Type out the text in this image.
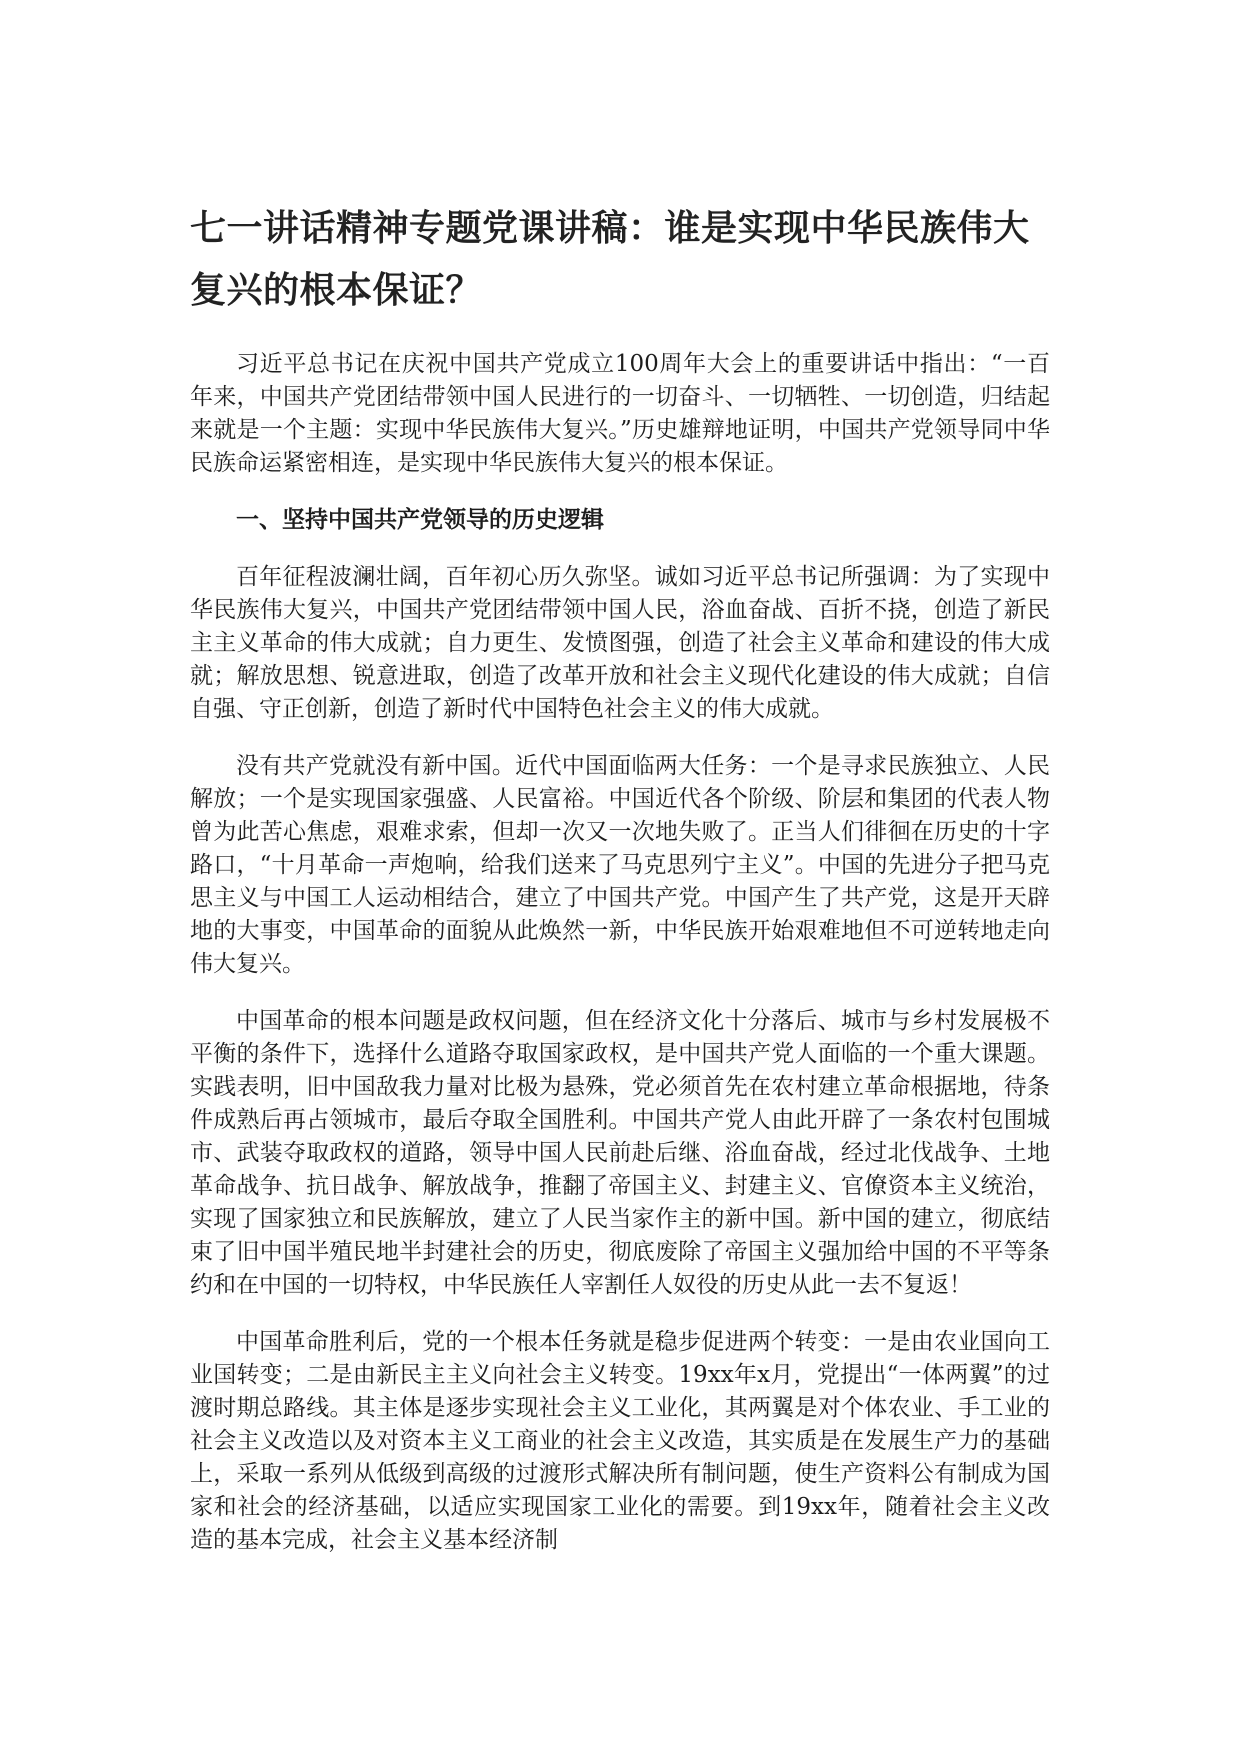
七一讲话精神专题党课讲稿：谁是实现中华民族伟大复兴的根本保证？

习近平总书记在庆祝中国共产党成立100周年大会上的重要讲话中指出：“一百年来，中国共产党团结带领中国人民进行的一切奋斗、一切牺牲、一切创造，归结起来就是一个主题：实现中华民族伟大复兴。”历史雄辩地证明，中国共产党领导同中华民族命运紧密相连，是实现中华民族伟大复兴的根本保证。

一、坚持中国共产党领导的历史逻辑

百年征程波澜壮阔，百年初心历久弥坚。诚如习近平总书记所强调：为了实现中华民族伟大复兴，中国共产党团结带领中国人民，浴血奋战、百折不挠，创造了新民主主义革命的伟大成就；自力更生、发愤图强，创造了社会主义革命和建设的伟大成就；解放思想、锐意进取，创造了改革开放和社会主义现代化建设的伟大成就；自信自强、守正创新，创造了新时代中国特色社会主义的伟大成就。

没有共产党就没有新中国。近代中国面临两大任务：一个是寻求民族独立、人民解放；一个是实现国家强盛、人民富裕。中国近代各个阶级、阶层和集团的代表人物曾为此苦心焦虑，艰难求索，但却一次又一次地失败了。正当人们徘徊在历史的十字路口，“十月革命一声炮响，给我们送来了马克思列宁主义”。中国的先进分子把马克思主义与中国工人运动相结合，建立了中国共产党。中国产生了共产党，这是开天辟地的大事变，中国革命的面貌从此焕然一新，中华民族开始艰难地但不可逆转地走向伟大复兴。

中国革命的根本问题是政权问题，但在经济文化十分落后、城市与乡村发展极不平衡的条件下，选择什么道路夺取国家政权，是中国共产党人面临的一个重大课题。实践表明，旧中国敌我力量对比极为悬殊，党必须首先在农村建立革命根据地，待条件成熟后再占领城市，最后夺取全国胜利。中国共产党人由此开辟了一条农村包围城市、武装夺取政权的道路，领导中国人民前赴后继、浴血奋战，经过北伐战争、土地革命战争、抗日战争、解放战争，推翻了帝国主义、封建主义、官僚资本主义统治，实现了国家独立和民族解放，建立了人民当家作主的新中国。新中国的建立，彻底结束了旧中国半殖民地半封建社会的历史，彻底废除了帝国主义强加给中国的不平等条约和在中国的一切特权，中华民族任人宰割任人奴役的历史从此一去不复返！

中国革命胜利后，党的一个根本任务就是稳步促进两个转变：一是由农业国向工业国转变；二是由新民主主义向社会主义转变。19xx年x月，党提出“一体两翼”的过渡时期总路线。其主体是逐步实现社会主义工业化，其两翼是对个体农业、手工业的社会主义改造以及对资本主义工商业的社会主义改造，其实质是在发展生产力的基础上，采取一系列从低级到高级的过渡形式解决所有制问题，使生产资料公有制成为国家和社会的经济基础，以适应实现国家工业化的需要。到19xx年，随着社会主义改造的基本完成，社会主义基本经济制
